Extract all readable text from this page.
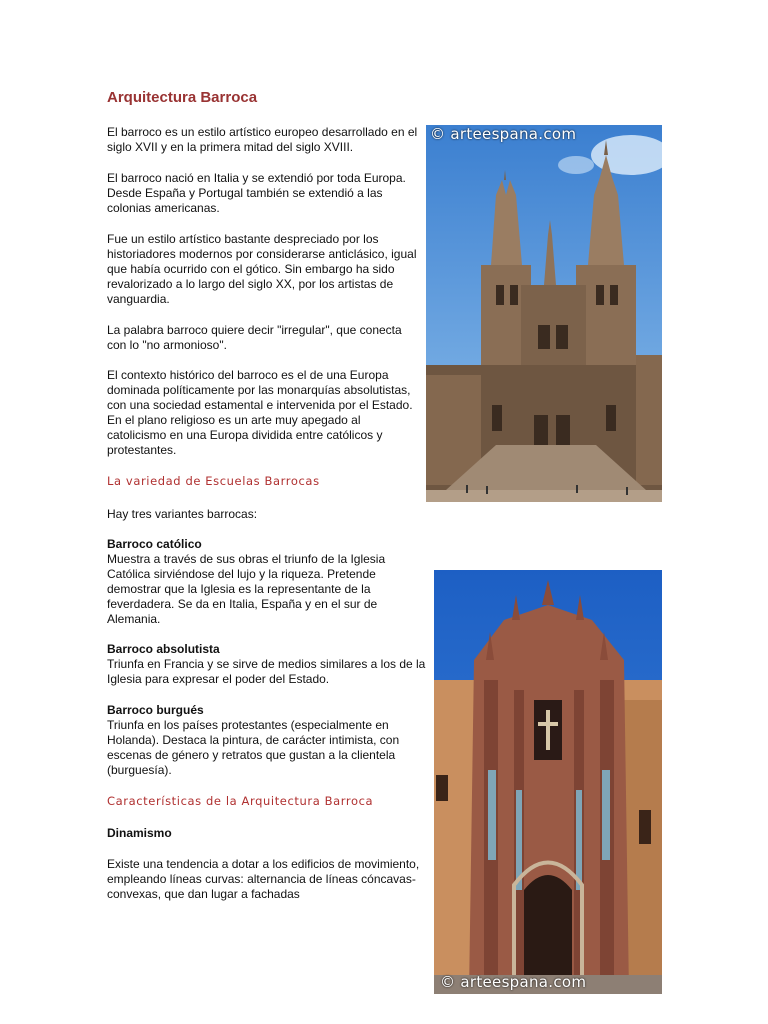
Arquitectura Barroca

El barroco es un estilo artístico europeo desarrollado en el siglo XVII y en la primera mitad del siglo XVIII.

El barroco nació en Italia y se extendió por toda Europa. Desde España y Portugal también se extendió a las colonias americanas.

Fue un estilo artístico bastante despreciado por los historiadores modernos por considerarse anticlásico, igual que había ocurrido con el gótico. Sin embargo ha sido revalorizado a lo largo del siglo XX, por los artistas de vanguardia.

La palabra barroco quiere decir "irregular", que conecta con lo "no armonioso".

El contexto histórico del barroco es el de una Europa dominada políticamente por las monarquías absolutistas, con una sociedad estamental e intervenida por el Estado. En el plano religioso es un arte muy apegado al catolicismo en una Europa dividida entre católicos y protestantes.

La variedad de Escuelas Barrocas

Hay tres variantes barrocas:

Barroco católico
Muestra a través de sus obras el triunfo de la Iglesia Católica sirviéndose del lujo y la riqueza. Pretende demostrar que la Iglesia es la representante de la feverdadera. Se da en Italia, España y en el sur de Alemania.

Barroco absolutista
Triunfa en Francia y se sirve de medios similares a los de la Iglesia para expresar el poder del Estado.

Barroco burgués
Triunfa en los países protestantes (especialmente en Holanda). Destaca la pintura, de carácter intimista, con escenas de género y retratos que gustan a la clientela (burguesía).

Características de la Arquitectura Barroca

Dinamismo

Existe una tendencia a dotar a los edificios de movimiento, empleando líneas curvas: alternancia de líneas cóncavas-convexas, que dan lugar a fachadas

© arteespana.com
© arteespana.com
